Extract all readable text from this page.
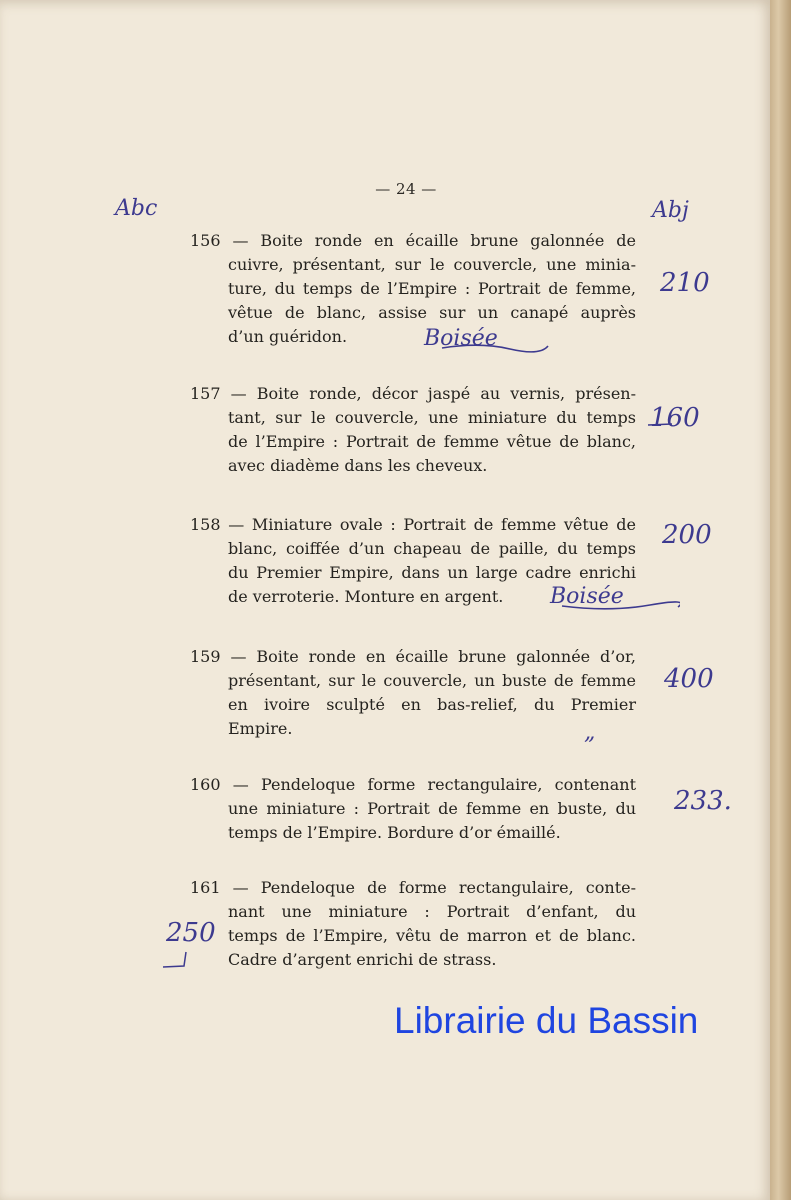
— 24 —
156 — Boite ronde en écaille brune galonnée de
cuivre, présentant, sur le couvercle, une minia-
ture, du temps de l’Empire : Portrait de femme,
vêtue de blanc, assise sur un canapé auprès
d’un guéridon.
157 — Boite ronde, décor jaspé au vernis, présen-
tant, sur le couvercle, une miniature du temps
de l’Empire : Portrait de femme vêtue de blanc,
avec diadème dans les cheveux.
158 — Miniature ovale : Portrait de femme vêtue de
blanc, coiffée d’un chapeau de paille, du temps
du Premier Empire, dans un large cadre enrichi
de verroterie. Monture en argent.
159 — Boite ronde en écaille brune galonnée d’or,
présentant, sur le couvercle, un buste de femme
en ivoire sculpté en bas-relief, du Premier
Empire.
160 — Pendeloque forme rectangulaire, contenant
une miniature : Portrait de femme en buste, du
temps de l’Empire. Bordure d’or émaillé.
161 — Pendeloque de forme rectangulaire, conte-
nant une miniature : Portrait d’enfant, du
temps de l’Empire, vêtu de marron et de blanc.
Cadre d’argent enrichi de strass.
Abc	Abj
210
Boisée
160
200
Boisée
400
„
233.
250
Librairie du Bassin
